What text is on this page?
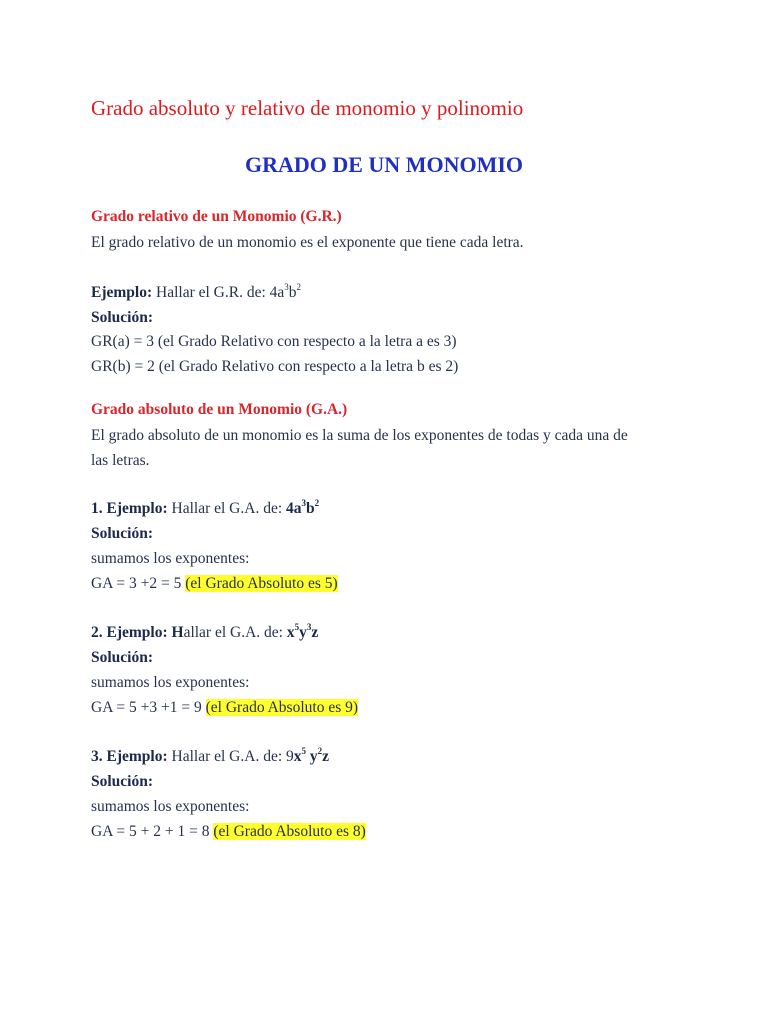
Grado absoluto y relativo de monomio y polinomio
GRADO DE UN MONOMIO
Grado relativo de un Monomio (G.R.)
El grado relativo de un monomio es el exponente que tiene cada letra.
Ejemplo: Hallar el G.R. de: $4a^3b^2$
Solución:
GR(a) = 3 (el Grado Relativo con respecto a la letra a es 3)
GR(b) = 2 (el Grado Relativo con respecto a la letra b es 2)
Grado absoluto de un Monomio (G.A.)
El grado absoluto de un monomio es la suma de los exponentes de todas y cada una de
las letras.
1. Ejemplo: Hallar el G.A. de: $4a^3b^2$
Solución:
sumamos los exponentes:
GA = 3 +2 = 5 (el Grado Absoluto es 5)
2. Ejemplo: Hallar el G.A. de: $x^5y^3z$
Solución:
sumamos los exponentes:
GA = 5 +3 +1 = 9 (el Grado Absoluto es 9)
3. Ejemplo: Hallar el G.A. de: $9x^5$ $y^2z$
Solución:
sumamos los exponentes:
GA = 5 + 2 + 1 = 8 (el Grado Absoluto es 8)
